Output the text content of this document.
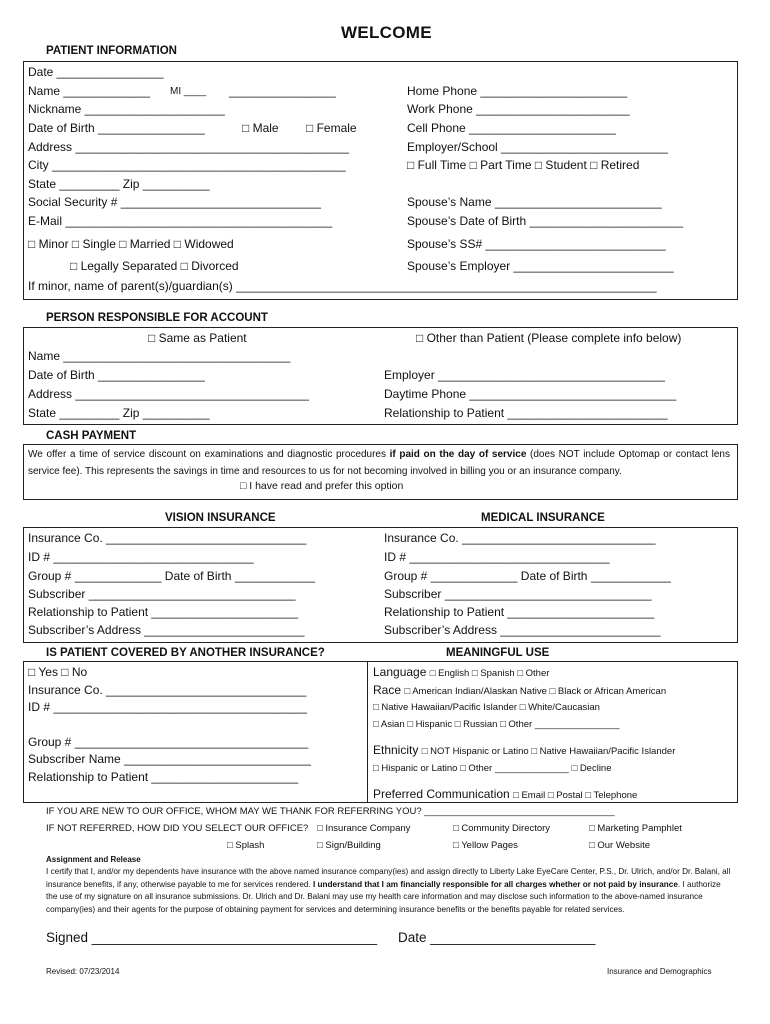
WELCOME
PATIENT INFORMATION
Date ________________
Name _____________ MI ____ ________________
Nickname _____________________
Date of Birth ________________	□ Male □ Female
Address _________________________________________
City ____________________________________________
State _________ Zip __________
Social Security # ______________________________
E-Mail ________________________________________
Home Phone ______________________
Work Phone _______________________
Cell Phone ______________________
Employer/School _________________________
□ Full Time □ Part Time □ Student □ Retired
Spouse’s Name _________________________
Spouse’s Date of Birth _______________________
□ Minor □ Single □ Married □ Widowed
□ Legally Separated □ Divorced
Spouse’s SS# ___________________________
Spouse’s Employer ________________________
If minor, name of parent(s)/guardian(s) _______________________________________________________________
PERSON RESPONSIBLE FOR ACCOUNT
□ Same as Patient	□ Other than Patient (Please complete info below)
Name __________________________________
Date of Birth ________________
Address ___________________________________
State _________ Zip __________
Employer __________________________________
Daytime Phone _______________________________
Relationship to Patient ________________________
CASH PAYMENT
We offer a time of service discount on examinations and diagnostic procedures if paid on the day of service (does NOT include Optomap or contact lens service fee). This represents the savings in time and resources to us for not becoming involved in billing you or an insurance company.
□ I have read and prefer this option
VISION INSURANCE	MEDICAL INSURANCE
Insurance Co. ______________________________
ID # ______________________________
Group # _____________ Date of Birth ____________
Subscriber _______________________________
Relationship to Patient ______________________
Subscriber’s Address ________________________
Insurance Co. _____________________________
ID # ______________________________
Group # _____________ Date of Birth ____________
Subscriber _______________________________
Relationship to Patient ______________________
Subscriber’s Address ________________________
IS PATIENT COVERED BY ANOTHER INSURANCE?	MEANINGFUL USE
□ Yes □ No
Insurance Co. ______________________________
ID # ______________________________________
Group # ___________________________________
Subscriber Name ____________________________
Relationship to Patient ______________________
Language □ English □ Spanish □ Other
Race □ American Indian/Alaskan Native □ Black or African American
□ Native Hawaiian/Pacific Islander □ White/Caucasian
□ Asian □ Hispanic □ Russian □ Other ________________
Ethnicity □ NOT Hispanic or Latino □ Native Hawaiian/Pacific Islander
□ Hispanic or Latino □ Other ______________ □ Decline
Preferred Communication □ Email □ Postal □ Telephone
IF YOU ARE NEW TO OUR OFFICE, WHOM MAY WE THANK FOR REFERRING YOU? ____________________________________
IF NOT REFERRED, HOW DID YOU SELECT OUR OFFICE? □ Insurance Company	□ Community Directory	□ Marketing Pamphlet
□ Splash	□ Sign/Building	□ Yellow Pages	□ Our Website
Assignment and Release
I certify that I, and/or my dependents have insurance with the above named insurance company(ies) and assign directly to Liberty Lake EyeCare Center, P.S., Dr. Ulrich, and/or Dr. Balani, all insurance benefits, if any, otherwise payable to me for services rendered. I understand that I am financially responsible for all charges whether or not paid by insurance. I authorize the use of my signature on all insurance submissions. Dr. Ulrich and Dr. Balani may use my health care information and may disclose such information to the above-named insurance company(ies) and their agents for the purpose of obtaining payment for services and determining insurance benefits or the benefits payable for related services.
Signed ______________________________________ Date ______________________
Revised: 07/23/2014	Insurance and Demographics
